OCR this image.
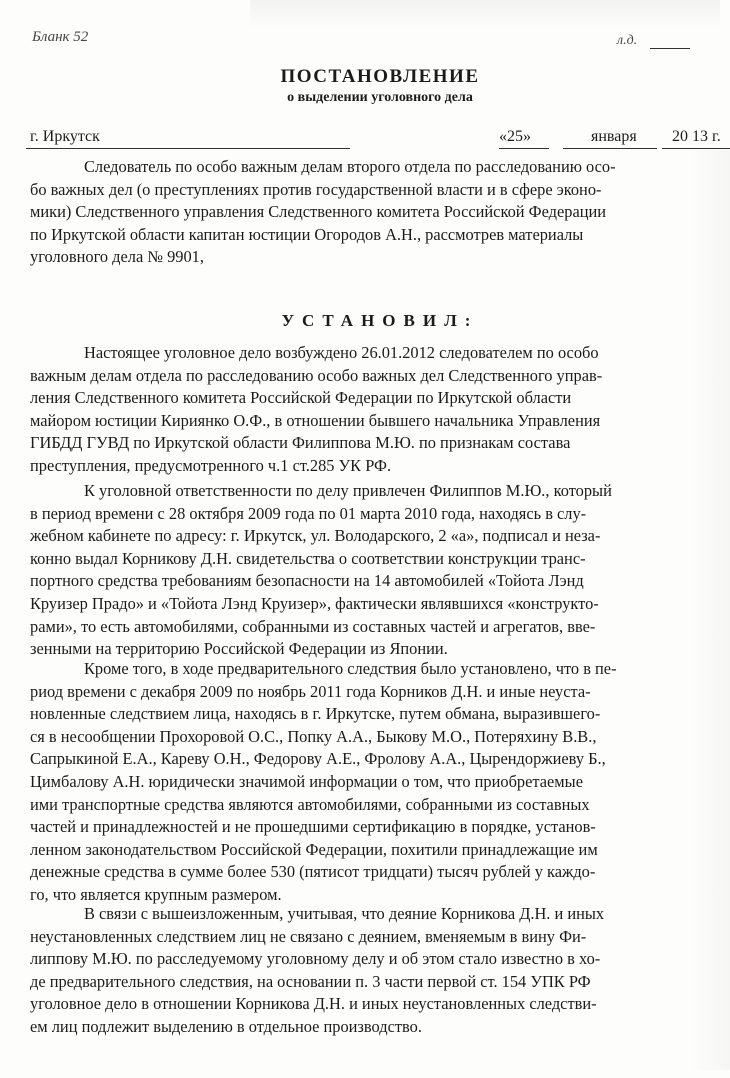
Бланк 52	л.д.
ПОСТАНОВЛЕНИЕ
о выделении уголовного дела
г. Иркутск	«25»	января 20 13 г.
Следователь по особо важным делам второго отдела по расследованию осо-
бо важных дел (о преступлениях против государственной власти и в сфере эконо-
мики) Следственного управления Следственного комитета Российской Федерации
по Иркутской области капитан юстиции Огородов А.Н., рассмотрев материалы
уголовного дела № 9901,
УСТАНОВИЛ:
Настоящее уголовное дело возбуждено 26.01.2012 следователем по особо
важным делам отдела по расследованию особо важных дел Следственного управ-
ления Следственного комитета Российской Федерации по Иркутской области
майором юстиции Кириянко О.Ф., в отношении бывшего начальника Управления
ГИБДД ГУВД по Иркутской области Филиппова М.Ю. по признакам состава
преступления, предусмотренного ч.1 ст.285 УК РФ.
К уголовной ответственности по делу привлечен Филиппов М.Ю., который
в период времени с 28 октября 2009 года по 01 марта 2010 года, находясь в слу-
жебном кабинете по адресу: г. Иркутск, ул. Володарского, 2 «а», подписал и неза-
конно выдал Корникову Д.Н. свидетельства о соответствии конструкции транс-
портного средства требованиям безопасности на 14 автомобилей «Тойота Лэнд
Круизер Прадо» и «Тойота Лэнд Круизер», фактически являвшихся «конструкто-
рами», то есть автомобилями, собранными из составных частей и агрегатов, вве-
зенными на территорию Российской Федерации из Японии.
Кроме того, в ходе предварительного следствия было установлено, что в пе-
риод времени с декабря 2009 по ноябрь 2011 года Корников Д.Н. и иные неуста-
новленные следствием лица, находясь в г. Иркутске, путем обмана, выразившего-
ся в несообщении Прохоровой О.С., Попку А.А., Быкову М.О., Потеряхину В.В.,
Сапрыкиной Е.А., Кареву О.Н., Федорову А.Е., Фролову А.А., Цырендоржиеву Б.,
Цимбалову А.Н. юридически значимой информации о том, что приобретаемые
ими транспортные средства являются автомобилями, собранными из составных
частей и принадлежностей и не прошедшими сертификацию в порядке, установ-
ленном законодательством Российской Федерации, похитили принадлежащие им
денежные средства в сумме более 530 (пятисот тридцати) тысяч рублей у каждо-
го, что является крупным размером.
В связи с вышеизложенным, учитывая, что деяние Корникова Д.Н. и иных
неустановленных следствием лиц не связано с деянием, вменяемым в вину Фи-
липпову М.Ю. по расследуемому уголовному делу и об этом стало известно в хо-
де предварительного следствия, на основании п. 3 части первой ст. 154 УПК РФ
уголовное дело в отношении Корникова Д.Н. и иных неустановленных следстви-
ем лиц подлежит выделению в отдельное производство.
